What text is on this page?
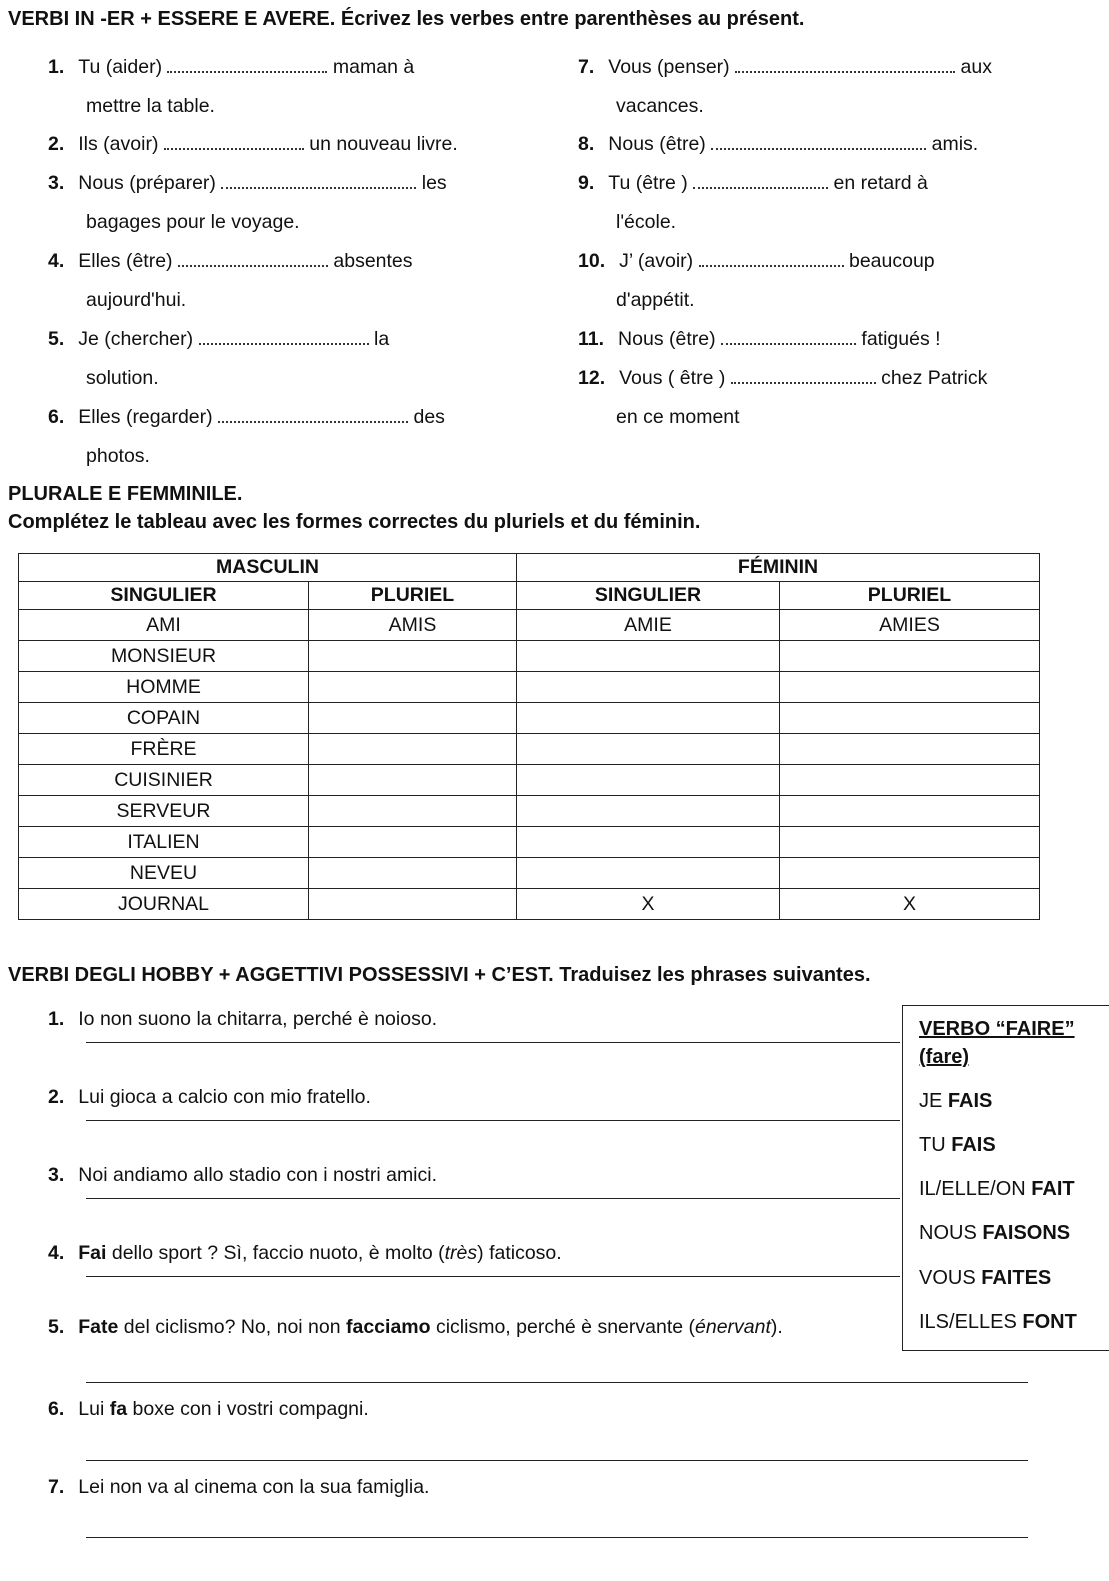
VERBI IN -ER + ESSERE E AVERE. Écrivez les verbes entre parenthèses au présent.
1. Tu (aider)	maman à
mettre la table.
2. Ils (avoir)	un nouveau livre.
3. Nous (préparer)	les
bagages pour le voyage.
4. Elles (être)	absentes
aujourd'hui.
5. Je (chercher)	la
solution.
6. Elles (regarder)	des
photos.
7. Vous (penser)	aux
vacances.
8. Nous (être)	amis.
9. Tu (être )	en retard à
l'école.
10. J’ (avoir)	beaucoup
d'appétit.
11. Nous (être)	fatigués !
12. Vous ( être )	chez Patrick
en ce moment
PLURALE E FEMMINILE.
Complétez le tableau avec les formes correctes du pluriels et du féminin.
MASCULIN		FÉMININ	
SINGULIER	PLURIEL	SINGULIER	PLURIEL
AMI	AMIS	AMIE	AMIES
MONSIEUR			
HOMME			
COPAIN			
FRÈRE			
CUISINIER			
SERVEUR			
ITALIEN			
NEVEU			
JOURNAL		X	X
VERBI DEGLI HOBBY + AGGETTIVI POSSESSIVI + C’EST. Traduisez les phrases suivantes.
1. Io non suono la chitarra, perché è noioso.
2. Lui gioca a calcio con mio fratello.
3. Noi andiamo allo stadio con i nostri amici.
4. Fai dello sport ? Sì, faccio nuoto, è molto (très) faticoso.
5. Fate del ciclismo? No, noi non facciamo ciclismo, perché è snervante (énervant).
6. Lui fa boxe con i vostri compagni.
7. Lei non va al cinema con la sua famiglia.
VERBO “FAIRE”
(fare)
JE FAIS
TU FAIS
IL/ELLE/ON FAIT
NOUS FAISONS
VOUS FAITES
ILS/ELLES FONT
